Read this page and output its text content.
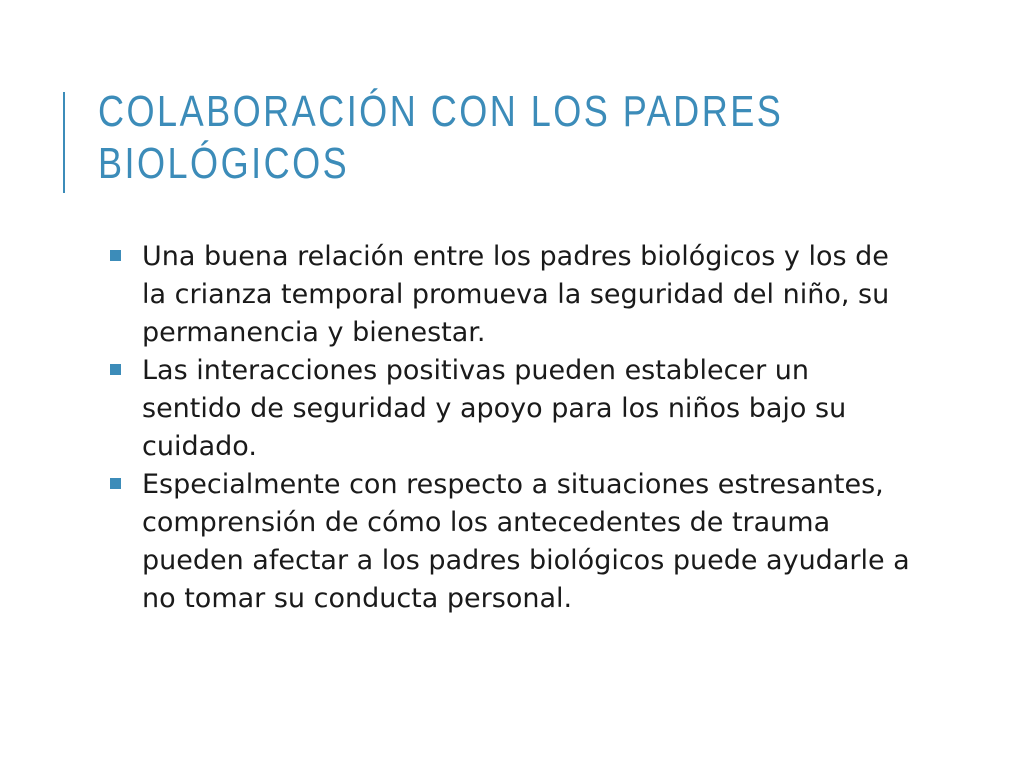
COLABORACIÓN CON LOS PADRES BIOLÓGICOS
Una buena relación entre los padres biológicos y los de la crianza temporal promueva la seguridad del niño, su permanencia y bienestar.
Las interacciones positivas pueden establecer un sentido de seguridad y apoyo para los niños bajo su cuidado.
Especialmente con respecto a situaciones estresantes, comprensión de cómo los antecedentes de trauma pueden afectar a los padres biológicos puede ayudarle a no tomar su conducta personal.
